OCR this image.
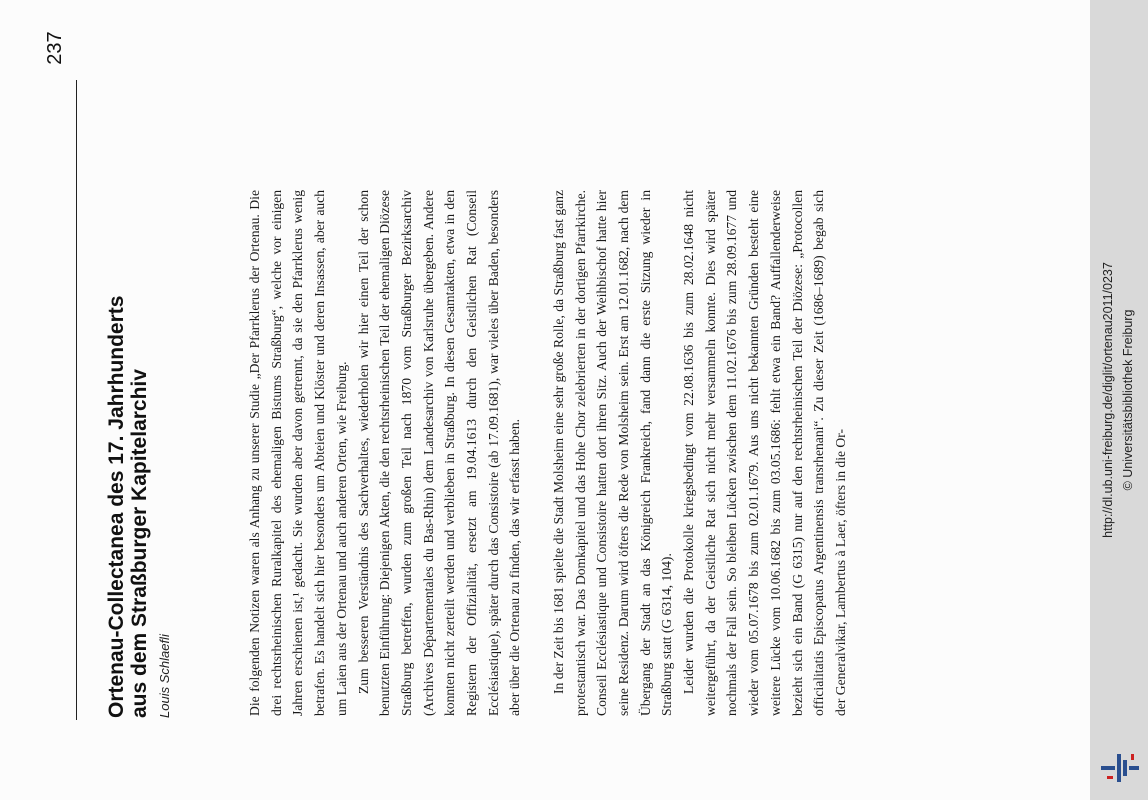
237
Ortenau-Collectanea des 17. Jahrhunderts aus dem Straßburger Kapitelarchiv Louis Schlaefli	Die folgenden Notizen waren als Anhang zu unserer Studie „Der Pfarrklerus der Ortenau. Die drei rechtsrheinischen Ruralkapitel des ehemaligen Bistums Straßburg“, welche vor einigen Jahren erschienen ist,¹ gedacht. Sie wurden aber davon getrennt, da sie den Pfarrklerus wenig betrafen. Es handelt sich hier besonders um Abteien und Klöster und deren Insassen, aber auch um Laien aus der Ortenau und auch anderen Orten, wie Freiburg. Zum besseren Verständnis des Sachverhaltes, wiederholen wir hier einen Teil der schon benutzten Einführung: Diejenigen Akten, die den rechtsrheinischen Teil der ehemaligen Diözese Straßburg betreffen, wurden zum großen Teil nach 1870 vom Straßburger Bezirksarchiv (Archives Départementales du Bas-Rhin) dem Landesarchiv von Karlsruhe übergeben. Andere konnten nicht zerteilt werden und verblieben in Straßburg. In diesen Gesamtakten, etwa in den Registern der Offizialität, ersetzt am 19.04.1613 durch den Geistlichen Rat (Conseil Ecclésiastique), später durch das Consistoire (ab 17.09.1681), war vieles über Baden, besonders aber über die Ortenau zu finden, das wir erfasst haben. In der Zeit bis 1681 spielte die Stadt Molsheim eine sehr große Rolle, da Straßburg fast ganz protestantisch war. Das Domkapitel und das Hohe Chor zelebrierten in der dortigen Pfarrkirche. Conseil Ecclésiastique und Consistoire hatten dort ihren Sitz. Auch der Weihbischof hatte hier seine Residenz. Darum wird öfters die Rede von Molsheim sein. Erst am 12.01.1682, nach dem Übergang der Stadt an das Königreich Frankreich, fand dann die erste Sitzung wieder in Straßburg statt (G 6314, 104). Leider wurden die Protokolle kriegsbedingt vom 22.08.1636 bis zum 28.02.1648 nicht weitergeführt, da der Geistliche Rat sich nicht mehr versammeln konnte. Dies wird später nochmals der Fall sein. So bleiben Lücken zwischen dem 11.02.1676 bis zum 28.09.1677 und wieder vom 05.07.1678 bis zum 02.01.1679. Aus uns nicht bekannten Gründen besteht eine weitere Lücke vom 10.06.1682 bis zum 03.05.1686: fehlt etwa ein Band? Auffallenderweise bezieht sich ein Band (G 6315) nur auf den rechtsrheinischen Teil der Diözese: „Protocollen officialitatis Episcopatus Argentinensis transrhenani“. Zu dieser Zeit (1686–1689) begab sich der Generalvikar, Lambertus à Laer, öfters in die Or-

http://dl.ub.uni-freiburg.de/diglit/ortenau2011/0237 © Universitätsbibliothek Freiburg
